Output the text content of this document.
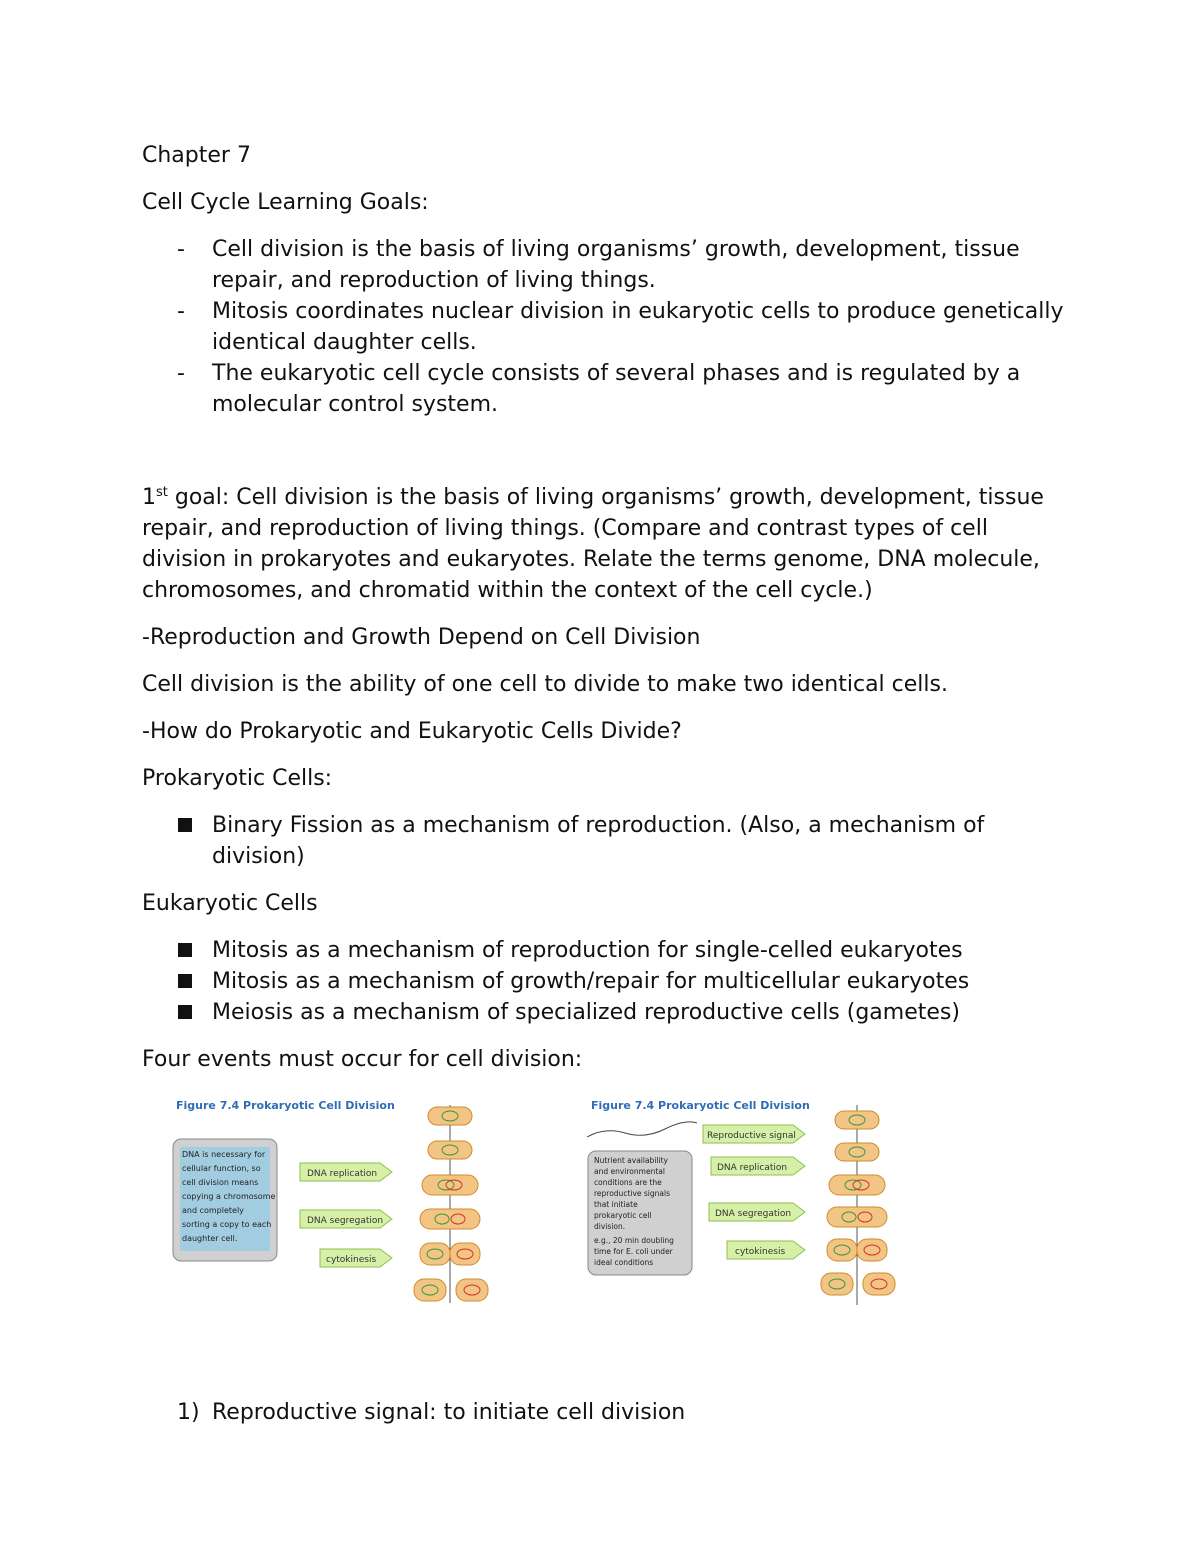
Chapter 7

Cell Cycle Learning Goals:

- Cell division is the basis of living organisms’ growth, development, tissue repair, and reproduction of living things.
- Mitosis coordinates nuclear division in eukaryotic cells to produce genetically identical daughter cells.
- The eukaryotic cell cycle consists of several phases and is regulated by a molecular control system.

1st goal: Cell division is the basis of living organisms’ growth, development, tissue repair, and reproduction of living things. (Compare and contrast types of cell division in prokaryotes and eukaryotes. Relate the terms genome, DNA molecule, chromosomes, and chromatid within the context of the cell cycle.)

-Reproduction and Growth Depend on Cell Division

Cell division is the ability of one cell to divide to make two identical cells.

-How do Prokaryotic and Eukaryotic Cells Divide?

Prokaryotic Cells:

Binary Fission as a mechanism of reproduction. (Also, a mechanism of division)

Eukaryotic Cells

Mitosis as a mechanism of reproduction for single-celled eukaryotes
Mitosis as a mechanism of growth/repair for multicellular eukaryotes
Meiosis as a mechanism of specialized reproductive cells (gametes)

Four events must occur for cell division:

Figure 7.4 Prokaryotic Cell Division
DNA is necessary for cellular function, so cell division means copying a chromosome and completely sorting a copy to each daughter cell.
DNA replication
DNA segregation
cytokinesis
Figure 7.4 Prokaryotic Cell Division
Nutrient availability and environmental conditions are the reproductive signals that initiate prokaryotic cell division. e.g., 20 min doubling time for E. coli under ideal conditions
Reproductive signal
DNA replication
DNA segregation
cytokinesis

1) Reproductive signal: to initiate cell division
